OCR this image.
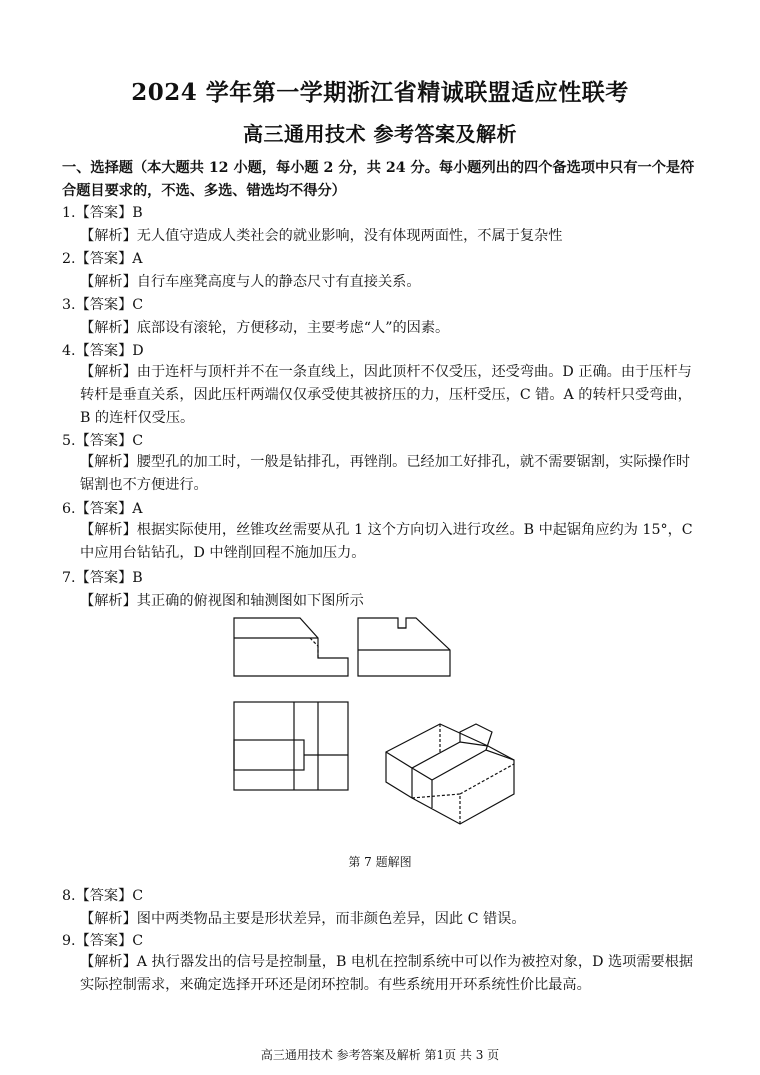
2024 学年第一学期浙江省精诚联盟适应性联考
高三通用技术 参考答案及解析
一、选择题（本大题共 12 小题，每小题 2 分，共 24 分。每小题列出的四个备选项中只有一个是符合题目要求的，不选、多选、错选均不得分）
1.【答案】B
【解析】无人值守造成人类社会的就业影响，没有体现两面性，不属于复杂性
2.【答案】A
【解析】自行车座凳高度与人的静态尺寸有直接关系。
3.【答案】C
【解析】底部设有滚轮，方便移动，主要考虑“人”的因素。
4.【答案】D
【解析】由于连杆与顶杆并不在一条直线上，因此顶杆不仅受压，还受弯曲。D 正确。由于压杆与转杆是垂直关系，因此压杆两端仅仅承受使其被挤压的力，压杆受压，C 错。A 的转杆只受弯曲，B 的连杆仅受压。
5.【答案】C
【解析】腰型孔的加工时，一般是钻排孔，再锉削。已经加工好排孔，就不需要锯割，实际操作时锯割也不方便进行。
6.【答案】A
【解析】根据实际使用，丝锥攻丝需要从孔 1 这个方向切入进行攻丝。B 中起锯角应约为 15°，C 中应用台钻钻孔，D 中锉削回程不施加压力。
7.【答案】B
【解析】其正确的俯视图和轴测图如下图所示
第 7 题解图
8.【答案】C
【解析】图中两类物品主要是形状差异，而非颜色差异，因此 C 错误。
9.【答案】C
【解析】A 执行器发出的信号是控制量，B 电机在控制系统中可以作为被控对象，D 选项需要根据实际控制需求，来确定选择开环还是闭环控制。有些系统用开环系统性价比最高。
高三通用技术 参考答案及解析 第1页 共 3 页
